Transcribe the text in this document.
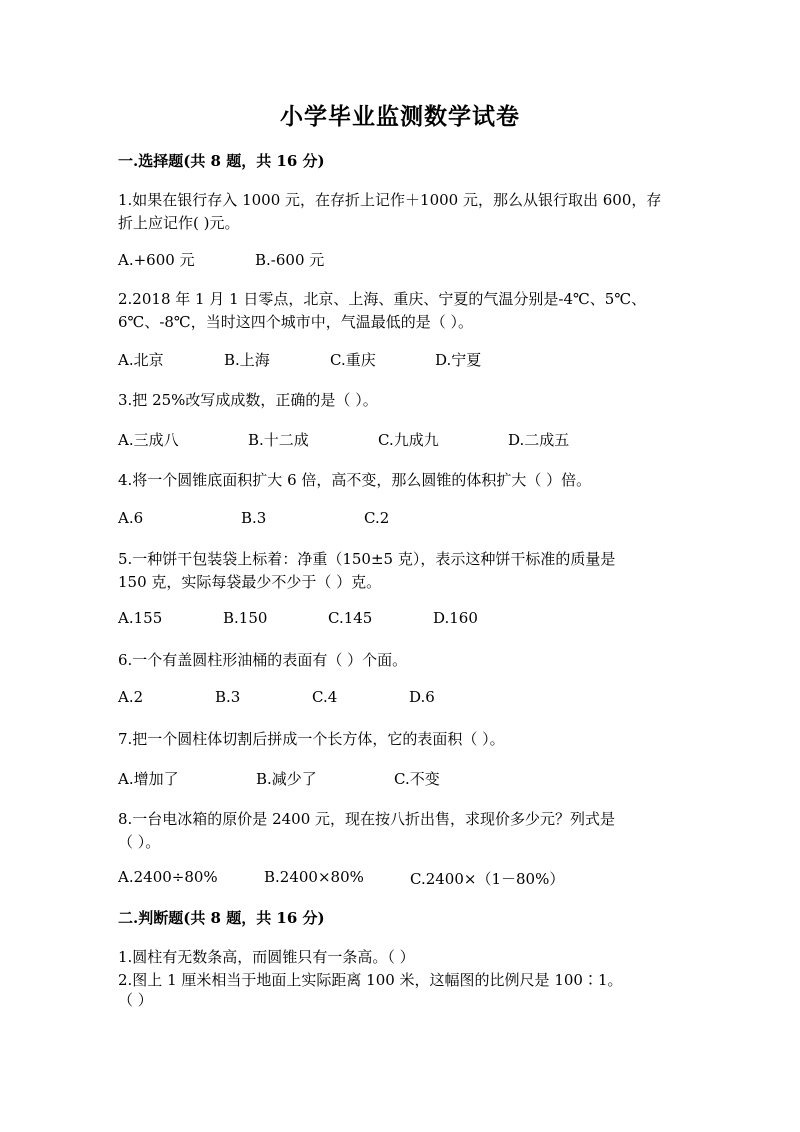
小学毕业监测数学试卷
一.选择题(共 8 题，共 16 分)
1.如果在银行存入 1000 元，在存折上记作＋1000 元，那么从银行取出 600，存
折上应记作( )元。
A.+600 元	B.-600 元
2.2018 年 1 月 1 日零点，北京、上海、重庆、宁夏的气温分别是-4℃、5℃、
6℃、-8℃，当时这四个城市中，气温最低的是（ ）。
A.北京	B.上海	C.重庆	D.宁夏
3.把 25%改写成成数，正确的是（ ）。
A.三成八	B.十二成	C.九成九	D.二成五
4.将一个圆锥底面积扩大 6 倍，高不变，那么圆锥的体积扩大（ ）倍。
A.6	B.3	C.2
5.一种饼干包装袋上标着：净重（150±5 克），表示这种饼干标准的质量是
150 克，实际每袋最少不少于（ ）克。
A.155	B.150	C.145	D.160
6.一个有盖圆柱形油桶的表面有（ ）个面。
A.2	B.3	C.4	D.6
7.把一个圆柱体切割后拼成一个长方体，它的表面积（ ）。
A.增加了	B.减少了	C.不变
8.一台电冰箱的原价是 2400 元，现在按八折出售，求现价多少元？列式是
（ ）。
A.2400÷80%	B.2400×80%	C.2400×（1－80%）
二.判断题(共 8 题，共 16 分)
1.圆柱有无数条高，而圆锥只有一条高。（ ）
2.图上 1 厘米相当于地面上实际距离 100 米，这幅图的比例尺是 100∶1。
（ ）
